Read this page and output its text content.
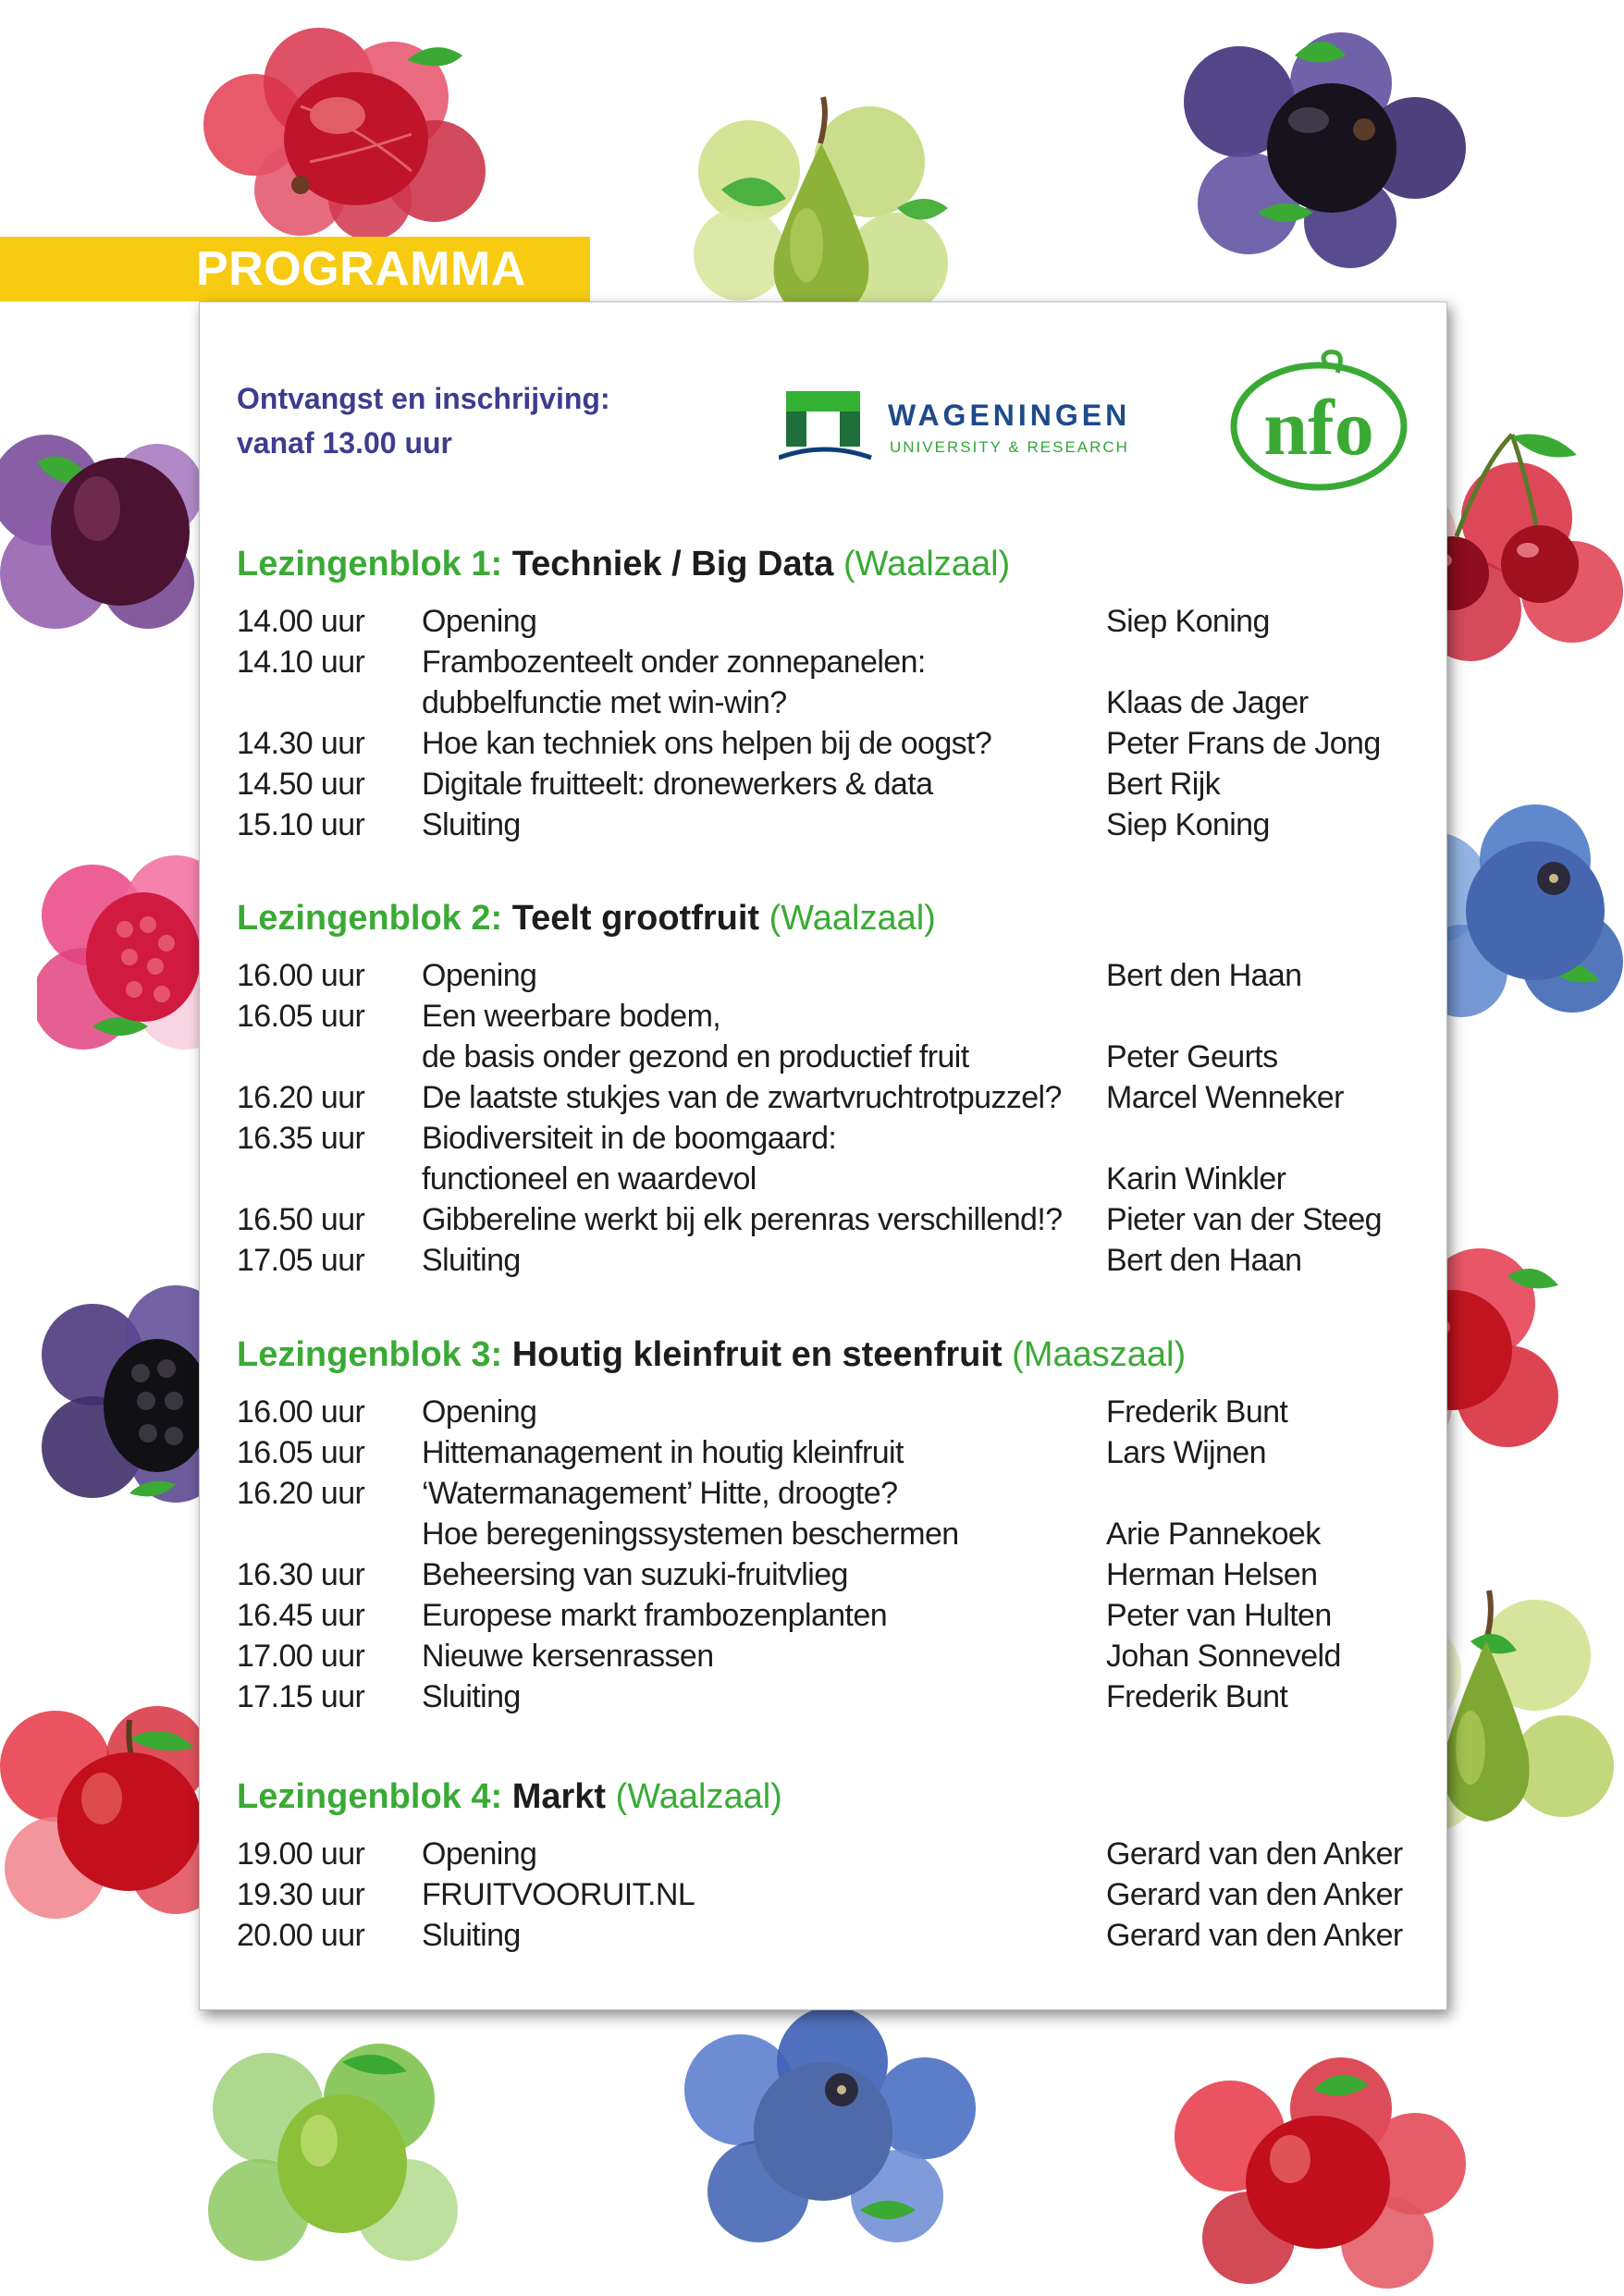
PROGRAMMA
Ontvangst en inschrijving:
vanaf 13.00 uur
WAGENINGEN
UNIVERSITY & RESEARCH nfo
Lezingenblok 1: Techniek / Big Data (Waalzaal)
14.00 uur	Opening	Siep Koning
14.10 uur	Frambozenteelt onder zonnepanelen:
dubbelfunctie met win-win?	Klaas de Jager
14.30 uur	Hoe kan techniek ons helpen bij de oogst?	Peter Frans de Jong
14.50 uur	Digitale fruitteelt: dronewerkers & data	Bert Rijk
15.10 uur	Sluiting	Siep Koning
Lezingenblok 2: Teelt grootfruit (Waalzaal)
16.00 uur	Opening	Bert den Haan
16.05 uur	Een weerbare bodem,
de basis onder gezond en productief fruit	Peter Geurts
16.20 uur	De laatste stukjes van de zwartvruchtrotpuzzel?	Marcel Wenneker
16.35 uur	Biodiversiteit in de boomgaard:
functioneel en waardevol	Karin Winkler
16.50 uur	Gibbereline werkt bij elk perenras verschillend!?	Pieter van der Steeg
17.05 uur	Sluiting	Bert den Haan
Lezingenblok 3: Houtig kleinfruit en steenfruit (Maaszaal)
16.00 uur	Opening	Frederik Bunt
16.05 uur	Hittemanagement in houtig kleinfruit	Lars Wijnen
16.20 uur	‘Watermanagement’ Hitte, droogte?
Hoe beregeningssystemen beschermen	Arie Pannekoek
16.30 uur	Beheersing van suzuki-fruitvlieg	Herman Helsen
16.45 uur	Europese markt frambozenplanten	Peter van Hulten
17.00 uur	Nieuwe kersenrassen	Johan Sonneveld
17.15 uur	Sluiting	Frederik Bunt
Lezingenblok 4: Markt (Waalzaal)
19.00 uur	Opening	Gerard van den Anker
19.30 uur	FRUITVOORUIT.NL	Gerard van den Anker
20.00 uur	Sluiting	Gerard van den Anker
